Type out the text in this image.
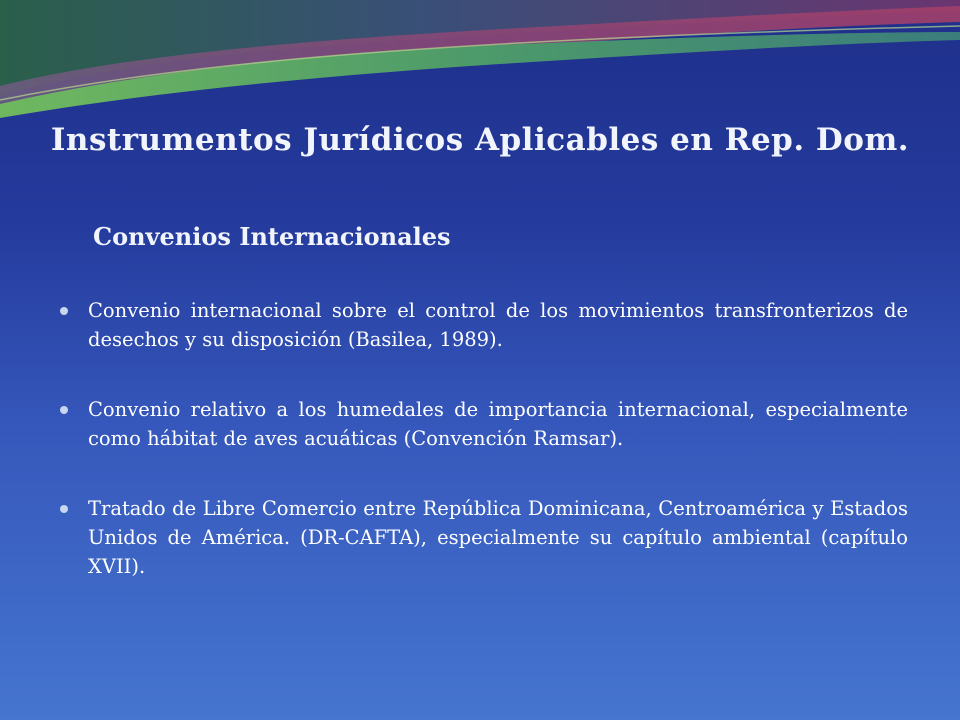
Instrumentos Jurídicos Aplicables en Rep. Dom.
Convenios Internacionales
Convenio internacional sobre el control de los movimientos transfronterizos de desechos y su disposición (Basilea, 1989).
Convenio relativo a los humedales de importancia internacional, especialmente como hábitat de aves acuáticas (Convención Ramsar).
Tratado de Libre Comercio entre República Dominicana, Centroamérica y Estados Unidos de América. (DR-CAFTA), especialmente su capítulo ambiental (capítulo XVII).
